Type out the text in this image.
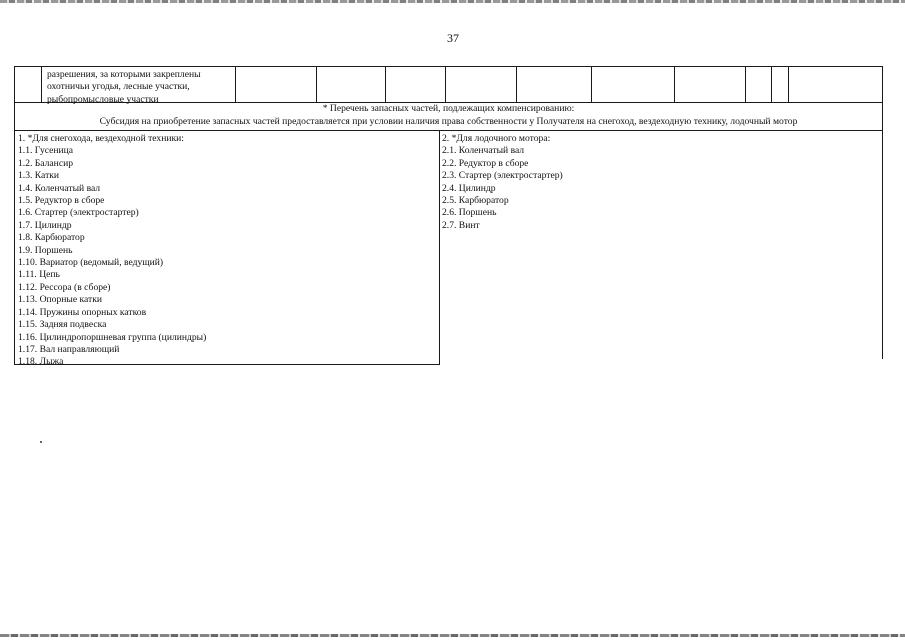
37
разрешения, за которыми закреплены
охотничьи угодья, лесные участки,
рыбопромысловые участки
* Перечень запасных частей, подлежащих компенсированию:
Субсидия на приобретение запасных частей предоставляется при условии наличия права собственности у Получателя на снегоход, вездеходную технику, лодочный мотор
1. *Для снегохода, вездеходной техники:
1.1. Гусеница
1.2. Балансир
1.3. Катки
1.4. Коленчатый вал
1.5. Редуктор в сборе
1.6. Стартер (электростартер)
1.7. Цилиндр
1.8. Карбюратор
1.9. Поршень
1.10. Вариатор (ведомый, ведущий)
1.11. Цепь
1.12. Рессора (в сборе)
1.13. Опорные катки
1.14. Пружины опорных катков
1.15. Задняя подвеска
1.16. Цилиндропоршневая группа (цилиндры)
1.17. Вал направляющий
1.18. Лыжа
2. *Для лодочного мотора:
2.1. Коленчатый вал
2.2. Редуктор в сборе
2.3. Стартер (электростартер)
2.4. Цилиндр
2.5. Карбюратор
2.6. Поршень
2.7. Винт
